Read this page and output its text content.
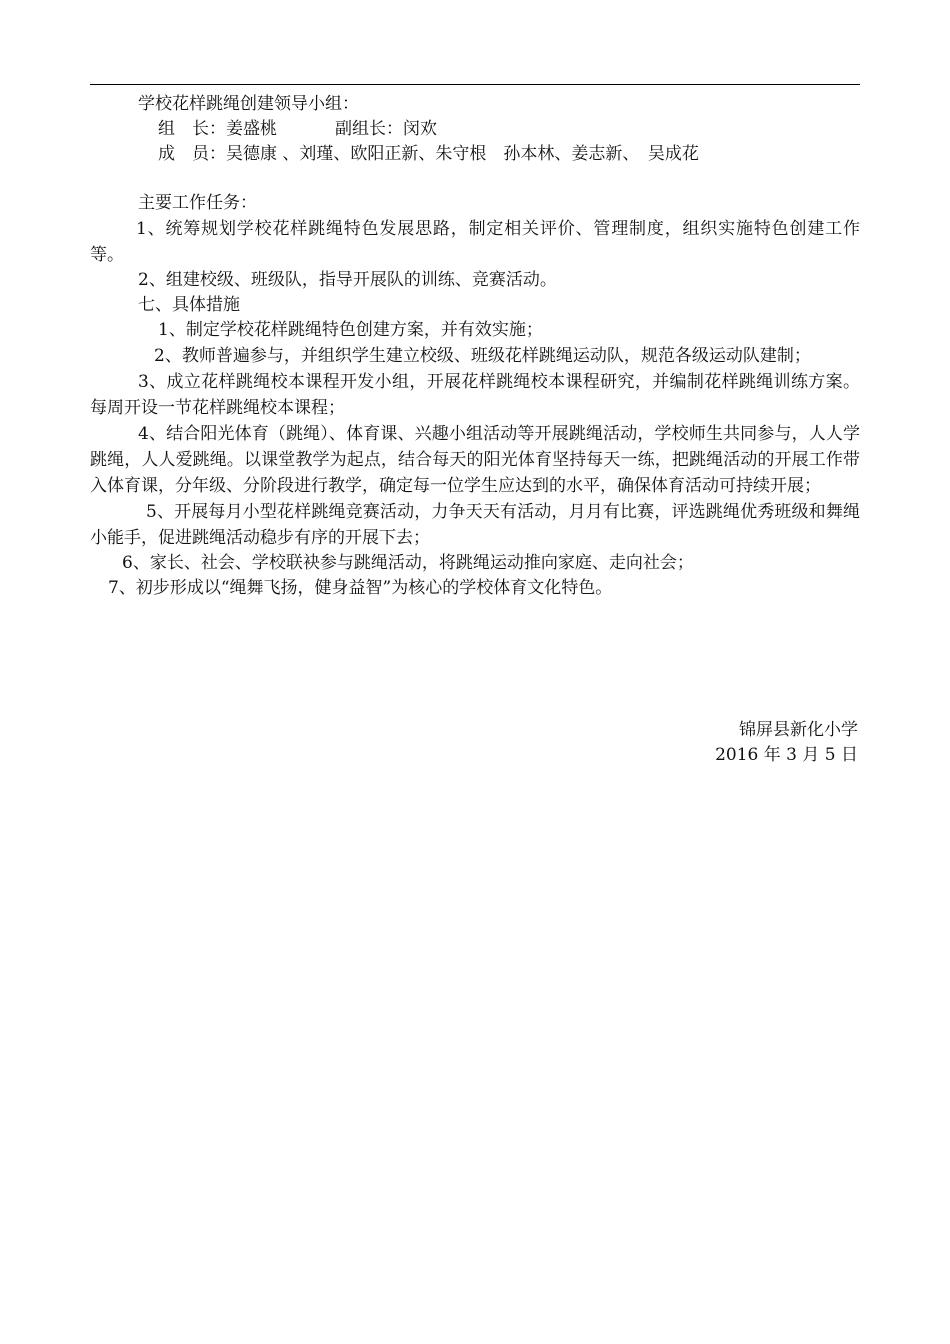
学校花样跳绳创建领导小组：
组　长：姜盛桃	副组长：闵欢
成　员：吴德康 、刘瑾、欧阳正新、朱守根　孙本林、姜志新、　吴成花
主要工作任务：

1、统筹规划学校花样跳绳特色发展思路，制定相关评价、管理制度，组织实施特色创建工作等。

2、组建校级、班级队，指导开展队的训练、竞赛活动。
七、具体措施
1、制定学校花样跳绳特色创建方案，并有效实施；

2、教师普遍参与，并组织学生建立校级、班级花样跳绳运动队，规范各级运动队建制；

3、成立花样跳绳校本课程开发小组，开展花样跳绳校本课程研究，并编制花样跳绳训练方案。每周开设一节花样跳绳校本课程；

4、结合阳光体育（跳绳）、体育课、兴趣小组活动等开展跳绳活动，学校师生共同参与，人人学跳绳，人人爱跳绳。以课堂教学为起点，结合每天的阳光体育坚持每天一练，把跳绳活动的开展工作带入体育课，分年级、分阶段进行教学，确定每一位学生应达到的水平，确保体育活动可持续开展；

5、开展每月小型花样跳绳竞赛活动，力争天天有活动，月月有比赛，评选跳绳优秀班级和舞绳小能手，促进跳绳活动稳步有序的开展下去；

6、家长、社会、学校联袂参与跳绳活动，将跳绳运动推向家庭、走向社会；
7、初步形成以“绳舞飞扬，健身益智”为核心的学校体育文化特色。
锦屏县新化小学
2016 年 3 月 5 日
